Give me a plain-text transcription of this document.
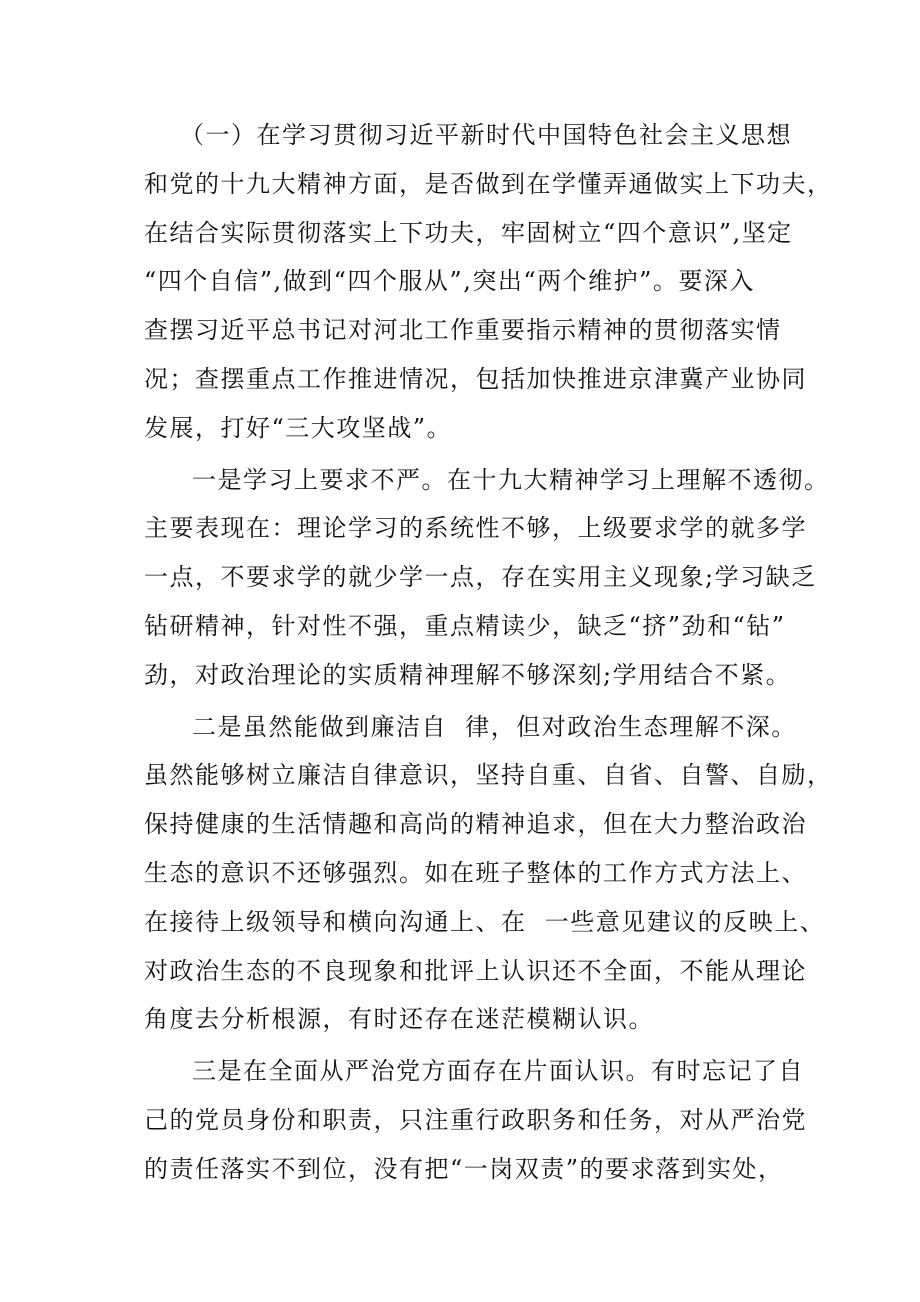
（一）在学习贯彻习近平新时代中国特色社会主义思想
和党的十九大精神方面，是否做到在学懂弄通做实上下功夫，
在结合实际贯彻落实上下功夫，牢固树立“四个意识”,坚定
“四个自信”,做到“四个服从”,突出“两个维护”。要深入
查摆习近平总书记对河北工作重要指示精神的贯彻落实情
况；查摆重点工作推进情况，包括加快推进京津冀产业协同
发展，打好“三大攻坚战”。
一是学习上要求不严。在十九大精神学习上理解不透彻。
主要表现在：理论学习的系统性不够，上级要求学的就多学
一点，不要求学的就少学一点，存在实用主义现象;学习缺乏
钻研精神，针对性不强，重点精读少，缺乏“挤”劲和“钻”
劲，对政治理论的实质精神理解不够深刻;学用结合不紧。
二是虽然能做到廉洁自  律，但对政治生态理解不深。
虽然能够树立廉洁自律意识，坚持自重、自省、自警、自励，
保持健康的生活情趣和高尚的精神追求，但在大力整治政治
生态的意识不还够强烈。如在班子整体的工作方式方法上、
在接待上级领导和横向沟通上、在  一些意见建议的反映上、
对政治生态的不良现象和批评上认识还不全面，不能从理论
角度去分析根源，有时还存在迷茫模糊认识。
三是在全面从严治党方面存在片面认识。有时忘记了自
己的党员身份和职责，只注重行政职务和任务，对从严治党
的责任落实不到位，没有把“一岗双责”的要求落到实处，
